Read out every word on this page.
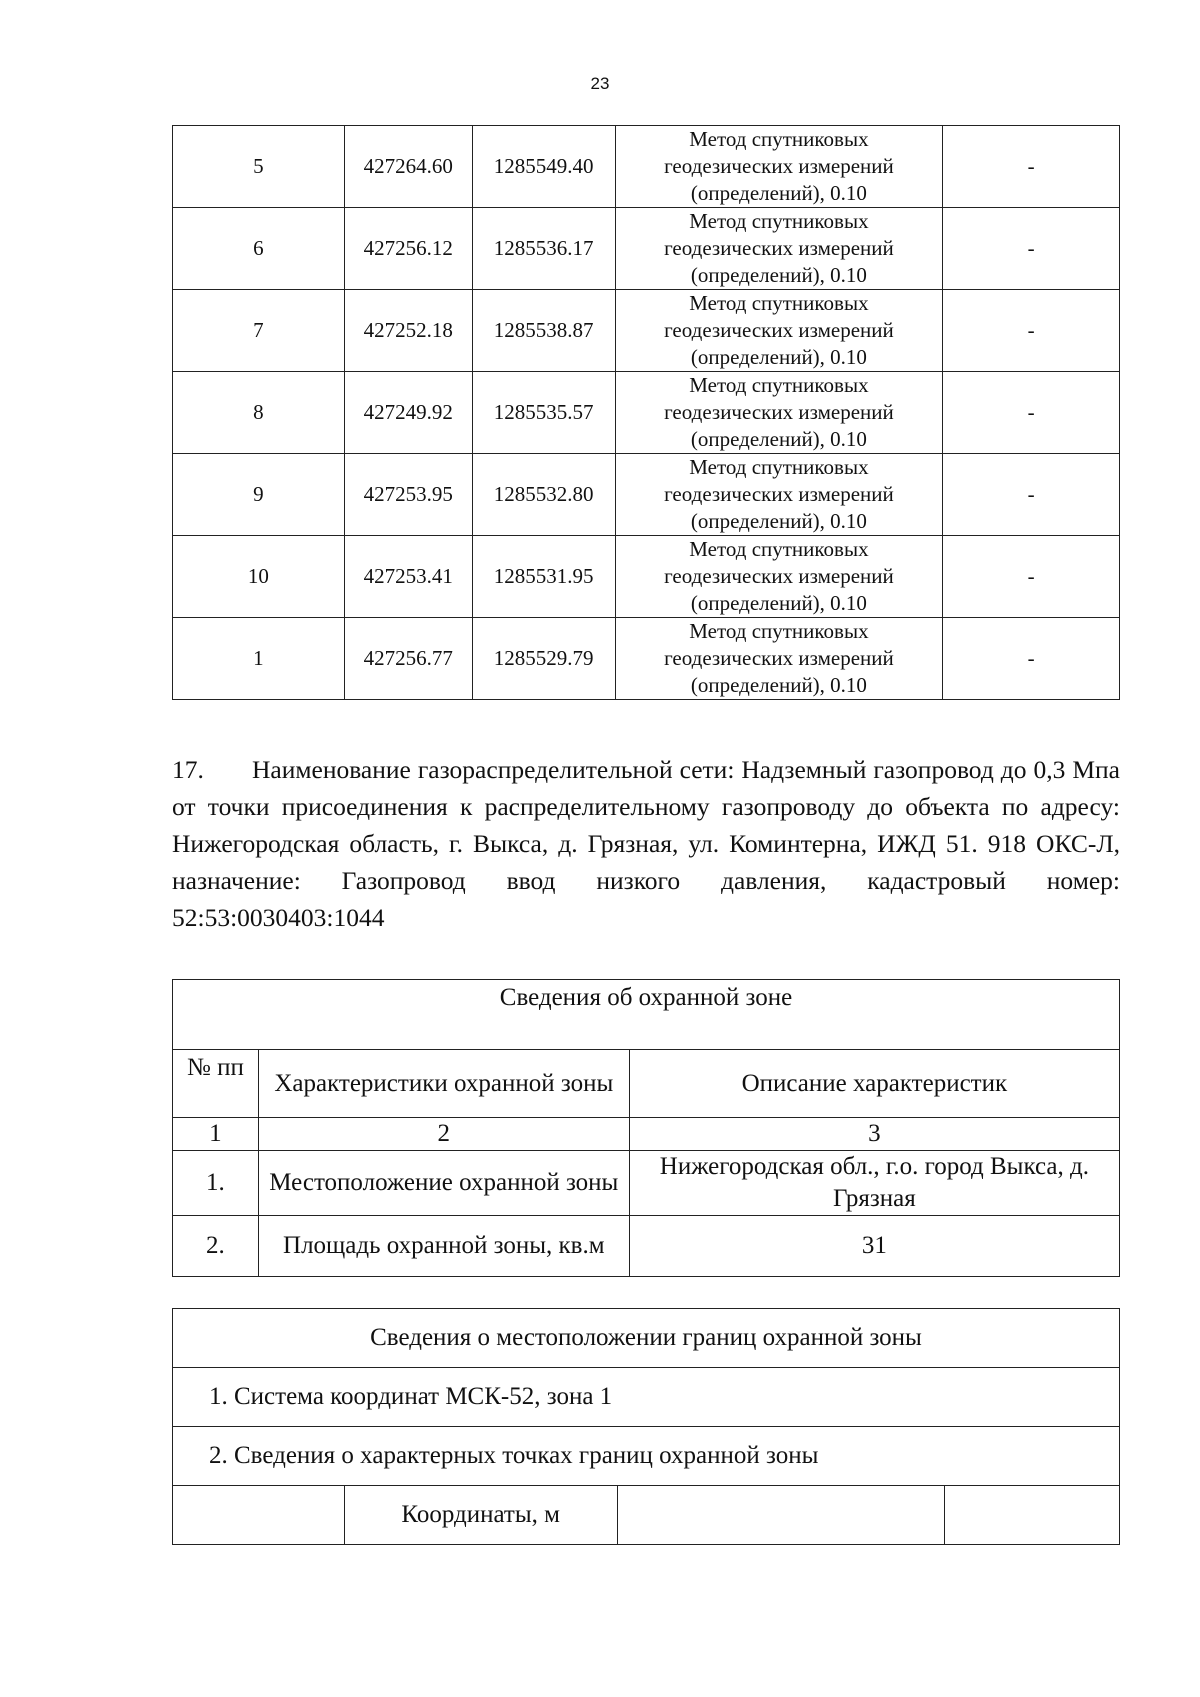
23
5	427264.60	1285549.40	Метод спутниковых
геодезических измерений
(определений), 0.10	-
6	427256.12	1285536.17	Метод спутниковых
геодезических измерений
(определений), 0.10	-
7	427252.18	1285538.87	Метод спутниковых
геодезических измерений
(определений), 0.10	-
8	427249.92	1285535.57	Метод спутниковых
геодезических измерений
(определений), 0.10	-
9	427253.95	1285532.80	Метод спутниковых
геодезических измерений
(определений), 0.10	-
10	427253.41	1285531.95	Метод спутниковых
геодезических измерений
(определений), 0.10	-
1	427256.77	1285529.79	Метод спутниковых
геодезических измерений
(определений), 0.10	-

17. Наименование газораспределительной сети: Надземный газопровод до 0,3 Мпа от точки присоединения к распределительному газопроводу до объекта по адресу: Нижегородская область, г. Выкса, д. Грязная, ул. Коминтерна, ИЖД 51. 918 ОКС-Л, назначение: Газопровод ввод низкого давления, кадастровый номер: 52:53:0030403:1044

Сведения об охранной зоне		
№ пп	Характеристики охранной зоны	Описание характеристик
1	2	3
1.	Местоположение охранной зоны	Нижегородская обл., г.о. город Выкса, д. Грязная
2.	Площадь охранной зоны, кв.м	31
Сведения о местоположении границ охранной зоны
1. Система координат МСК-52, зона 1
2. Сведения о характерных точках границ охранной зоны
	Координаты, м		
